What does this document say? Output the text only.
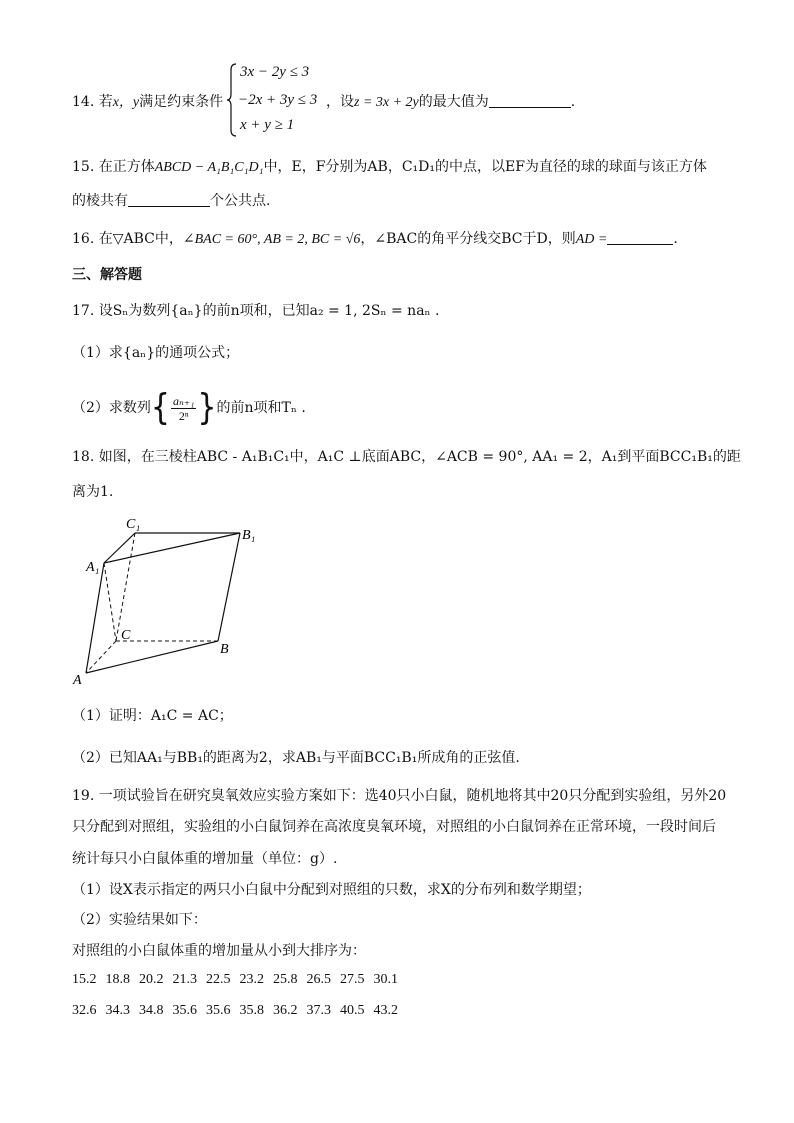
14. 若x，y满足约束条件
3x − 2y ≤ 3
−2x + 3y ≤ 3
x + y ≥ 1
，设z = 3x + 2y的最大值为	.
15. 在正方体ABCD − A₁B₁C₁D₁中，E，F分别为AB，C₁D₁的中点，以EF为直径的球的球面与该正方体
的棱共有	个公共点.
16. 在▽ABC中，∠BAC = 60°, AB = 2, BC = √6，∠BAC的角平分线交BC于D，则AD =	.
三、解答题
17. 设Sₙ为数列{aₙ}的前n项和，已知a₂ = 1, 2Sₙ = naₙ .
（1）求{aₙ}的通项公式；
（2）求数列{ $\frac{\text{aₙ₊₁}}{\text{2ⁿ}}$ }的前n项和Tₙ .
18. 如图，在三棱柱ABC - A₁B₁C₁中，A₁C ⊥底面ABC，∠ACB = 90°, AA₁ = 2，A₁到平面BCC₁B₁的距
离为1.
C₁
B₁
A₁
C
B
A
（1）证明：A₁C = AC；
（2）已知AA₁与BB₁的距离为2，求AB₁与平面BCC₁B₁所成角的正弦值.
19. 一项试验旨在研究臭氧效应实验方案如下：选40只小白鼠，随机地将其中20只分配到实验组，另外20
只分配到对照组，实验组的小白鼠饲养在高浓度臭氧环境，对照组的小白鼠饲养在正常环境，一段时间后
统计每只小白鼠体重的增加量（单位：g）.
（1）设X表示指定的两只小白鼠中分配到对照组的只数，求X的分布列和数学期望；
（2）实验结果如下：
对照组的小白鼠体重的增加量从小到大排序为：
15.2 18.8 20.2 21.3 22.5 23.2 25.8 26.5 27.5 30.1
32.6 34.3 34.8 35.6 35.6 35.8 36.2 37.3 40.5 43.2
